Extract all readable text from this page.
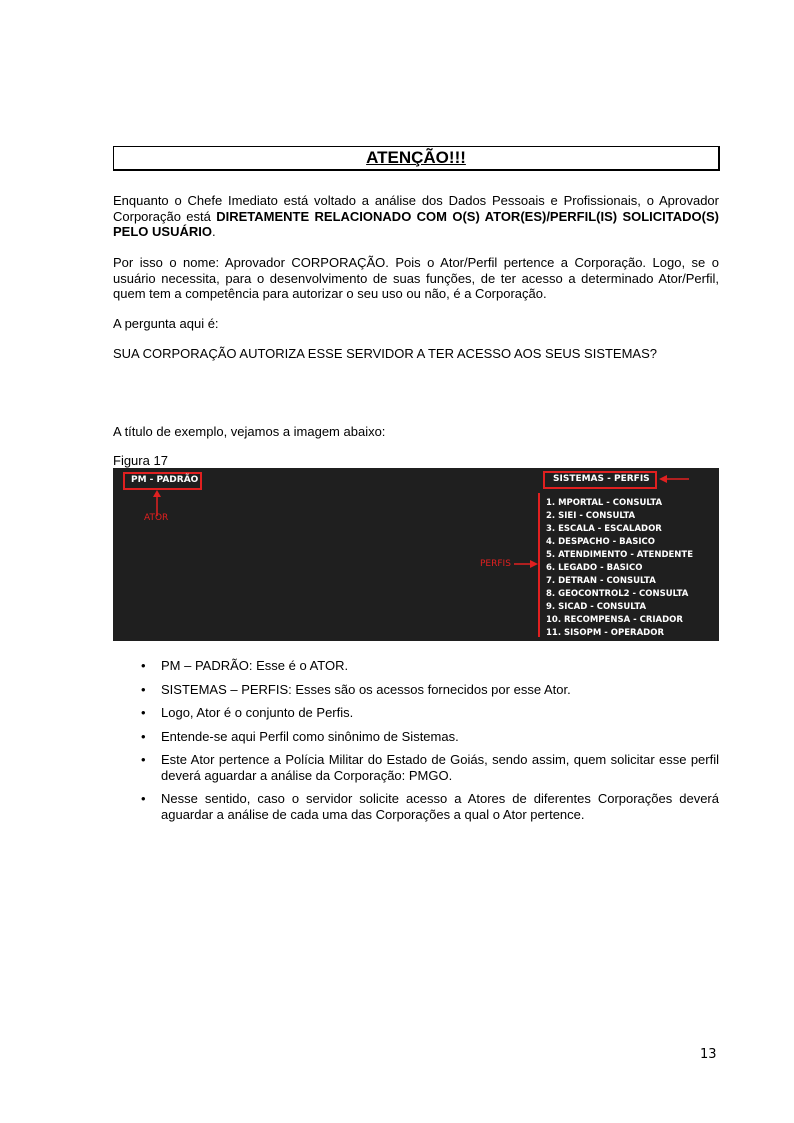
ATENÇÃO!!!
Enquanto o Chefe Imediato está voltado a análise dos Dados Pessoais e Profissionais, o Aprovador Corporação está DIRETAMENTE RELACIONADO COM O(S) ATOR(ES)/PERFIL(IS) SOLICITADO(S) PELO USUÁRIO.
Por isso o nome: Aprovador CORPORAÇÃO. Pois o Ator/Perfil pertence a Corporação. Logo, se o usuário necessita, para o desenvolvimento de suas funções, de ter acesso a determinado Ator/Perfil, quem tem a competência para autorizar o seu uso ou não, é a Corporação.
A pergunta aqui é:
SUA CORPORAÇÃO AUTORIZA ESSE SERVIDOR A TER ACESSO AOS SEUS SISTEMAS?
A título de exemplo, vejamos a imagem abaixo:
Figura 17
PM - PADRÃO
ATOR
SISTEMAS - PERFIS
PERFIS
1. MPORTAL - CONSULTA
2. SIEI - CONSULTA
3. ESCALA - ESCALADOR
4. DESPACHO - BASICO
5. ATENDIMENTO - ATENDENTE
6. LEGADO - BASICO
7. DETRAN - CONSULTA
8. GEOCONTROL2 - CONSULTA
9. SICAD - CONSULTA
10. RECOMPENSA - CRIADOR
11. SISOPM - OPERADOR
• PM – PADRÃO: Esse é o ATOR.
• SISTEMAS – PERFIS: Esses são os acessos fornecidos por esse Ator.
• Logo, Ator é o conjunto de Perfis.
• Entende-se aqui Perfil como sinônimo de Sistemas.
• Este Ator pertence a Polícia Militar do Estado de Goiás, sendo assim, quem solicitar esse perfil deverá aguardar a análise da Corporação: PMGO.
• Nesse sentido, caso o servidor solicite acesso a Atores de diferentes Corporações deverá aguardar a análise de cada uma das Corporações a qual o Ator pertence.
13
